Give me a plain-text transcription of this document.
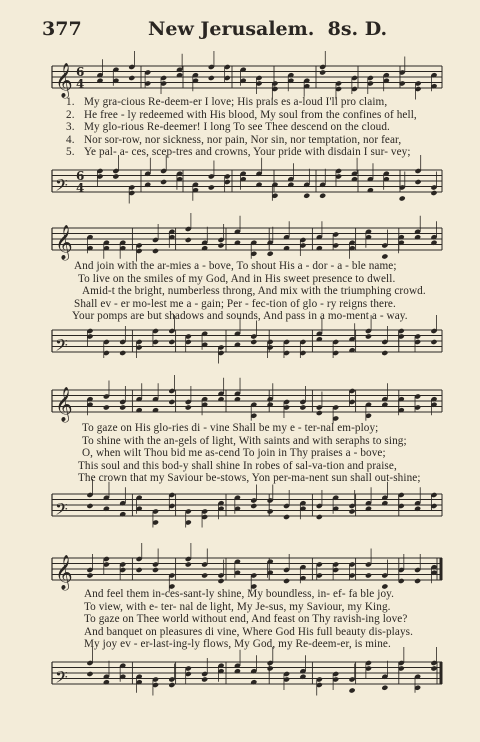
377	New Jerusalem. 8s. D.
𝄞 6
4
1. My gra-cious Re-deem-er I love; His prais es a-loud I'll pro claim,
2. He free - ly redeemed with His blood, My soul from the confines of hell,
3. My glo-rious Re-deemer! I long To see Thee descend on the cloud.
4. Nor sor-row, nor sickness, nor pain, Nor sin, nor temptation, nor fear,
5. Ye pal- a- ces, scep-tres and crowns, Your pride with disdain I sur- vey;
𝄢 6
4
𝄞
And join with the ar-mies a - bove, To shout His a - dor - a - ble name;
To live on the smiles of my God, And in His sweet presence to dwell.
Amid-t the bright, numberless throng, And mix with the triumphing crowd.
Shall ev - er mo-lest me a - gain; Per - fec-tion of glo - ry reigns there.
Your pomps are but shadows and sounds, And pass in a mo-ment a - way.
𝄢
𝄞
To gaze on His glo-ries di - vine Shall be my e - ter-nal em-ploy;
To shine with the an-gels of light, With saints and with seraphs to sing;
O, when wilt Thou bid me as-cend To join in Thy praises a - bove;
This soul and this bod-y shall shine In robes of sal-va-tion and praise,
The crown that my Saviour be-stows, Yon per-ma-nent sun shall out-shine;
𝄢
𝄞
And feel them in-ces-sant-ly shine, My boundless, in- ef- fa ble joy.
To view, with e- ter- nal de light, My Je-sus, my Saviour, my King.
To gaze on Thee world without end, And feast on Thy ravish-ing love?
And banquet on pleasures di vine, Where God His full beauty dis-plays.
My joy ev - er-last-ing-ly flows, My God, my Re-deem-er, is mine.
𝄢
